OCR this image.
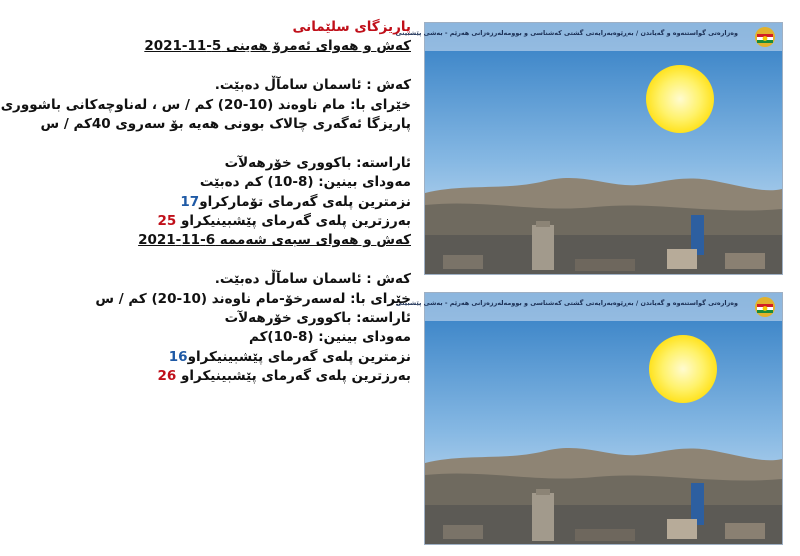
پاریزگای سلێمانی
کەش و هەوای ئەمرۆ هەینی 5-11-2021
کەش : ئاسمان سامآڵ دەبێت.
خێرای با: مام ناوەند (10-20) کم / س ، لەناوچەکانی باشووری
پاریزگا ئەگەری چالاک بوونی هەیە بۆ سەروی 40کم / س
ئاراستە: باکووری خۆرهەلآت
مەودای بینین: (8-10) کم دەبێت
نزمترین پلەی گەرمای تۆمارکراو17
بەرزترین پلەی گەرمای پێشبینیکراو 25
کەش و هەوای سبەی شەممە 6-11-2021
کەش : ئاسمان سامآڵ دەبێت.
خێرای با: لەسەرخۆ-مام ناوەند (10-20) کم / س
ئاراستە: باکووری خۆرهەلآت
مەودای بینین: (8-10)کم
نزمترین پلەی گەرمای پێشبینیکراو16
بەرزترین پلەی گەرمای پێشبینیکراو 26
وەزارەتی گواستنەوە و گەیاندن / بەڕێوەبەرایەتی گشتی کەشناسی و بوومەلەرزەزانی هەرێم - بەشی پێشبینی
وەزارەتی گواستنەوە و گەیاندن / بەڕێوەبەرایەتی گشتی کەشناسی و بوومەلەرزەزانی هەرێم - بەشی پێشبینی
